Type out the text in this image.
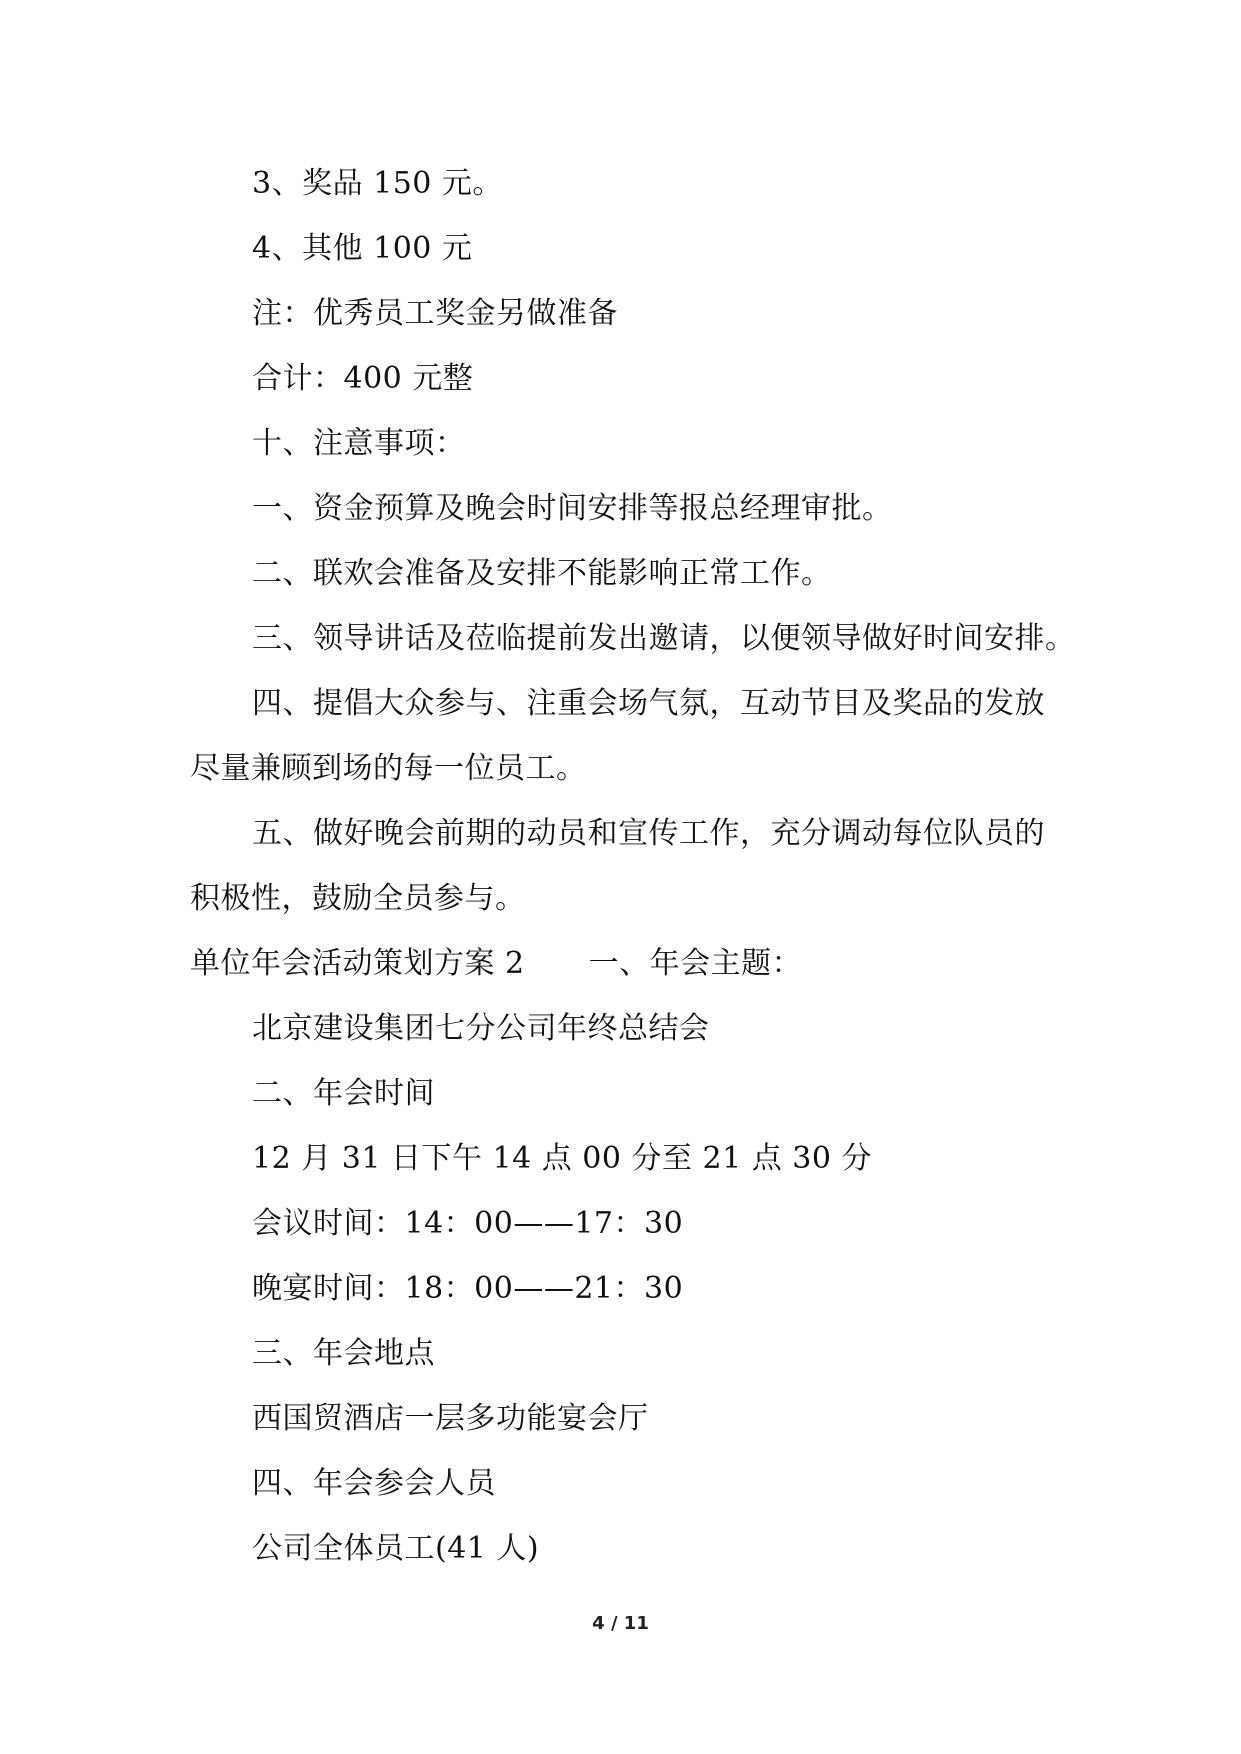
3、奖品 150 元。
4、其他 100 元
注：优秀员工奖金另做准备
合计：400 元整
十、注意事项：
一、资金预算及晚会时间安排等报总经理审批。
二、联欢会准备及安排不能影响正常工作。
三、领导讲话及莅临提前发出邀请，以便领导做好时间安排。
四、提倡大众参与、注重会场气氛，互动节目及奖品的发放
尽量兼顾到场的每一位员工。
五、做好晚会前期的动员和宣传工作，充分调动每位队员的
积极性，鼓励全员参与。
单位年会活动策划方案 2 一、年会主题：
北京建设集团七分公司年终总结会
二、年会时间
12 月 31 日下午 14 点 00 分至 21 点 30 分
会议时间：14：00——17：30
晚宴时间：18：00——21：30
三、年会地点
西国贸酒店一层多功能宴会厅
四、年会参会人员
公司全体员工(41 人)
4 / 11
